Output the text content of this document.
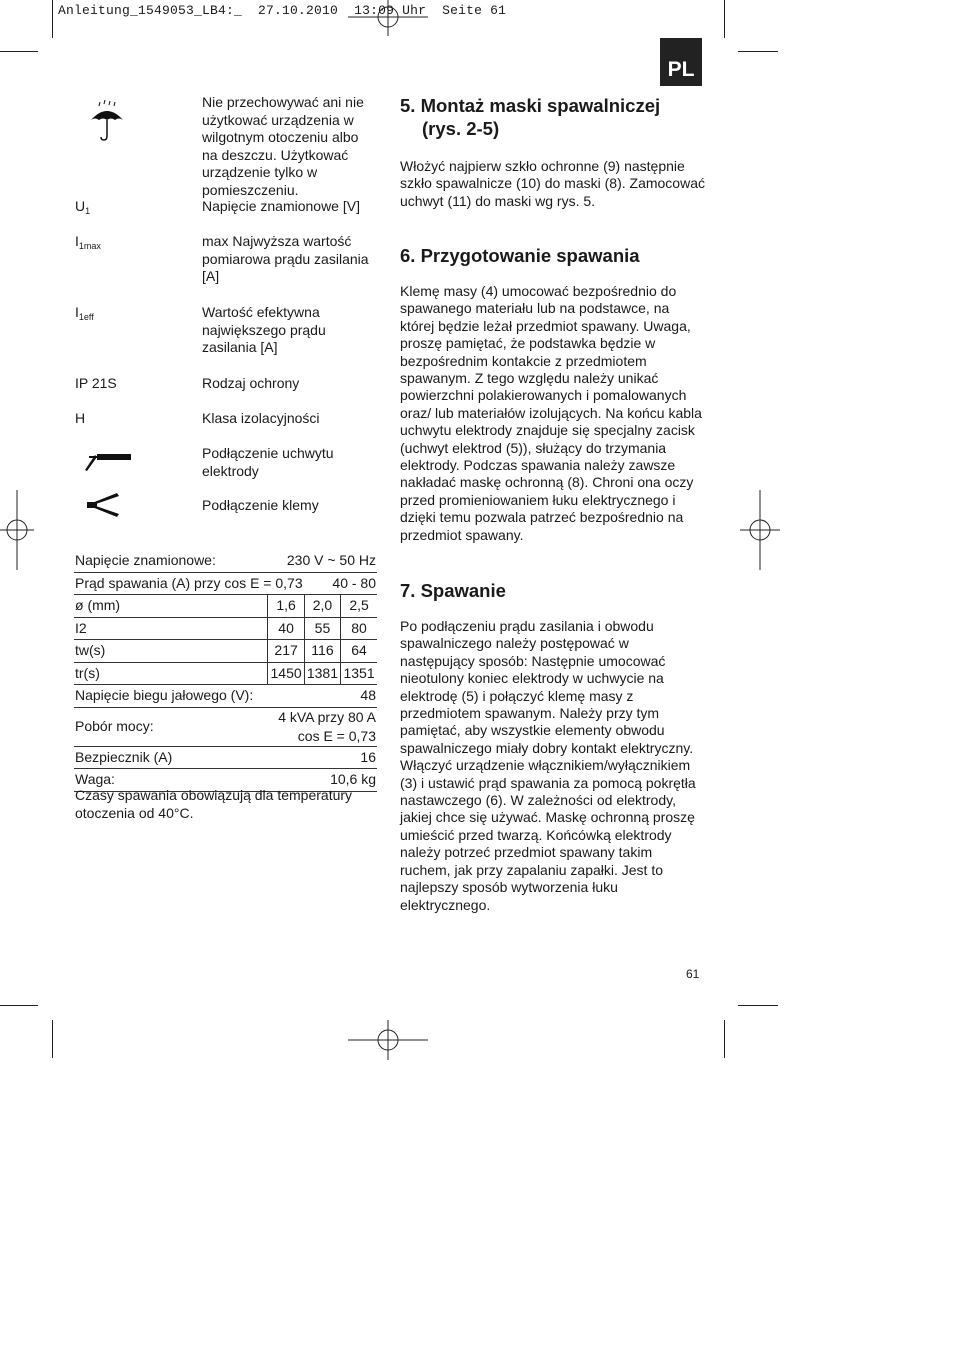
Anleitung_1549053_LB4:_ 27.10.2010 13:09 Uhr Seite 61
PL
Nie przechowywać ani nie użytkować urządzenia w wilgotnym otoczeniu albo na deszczu. Użytkować urządzenie tylko w pomieszczeniu.
$U_1$	Napięcie znamionowe [V]
$I_{1max}$	max Najwyższa wartość pomiarowa prądu zasilania [A]
$I_{1eff}$	Wartość efektywna największego prądu zasilania [A]
IP 21S	Rodzaj ochrony
H	Klasa izolacyjności
Podłączenie uchwytu elektrody
Podłączenie klemy
Napięcie znamionowe:	230 V ~ 50 Hz		
Prąd spawania (A) przy cos E = 0,73		40 - 80	
ø (mm)	1,6	2,0	2,5
I2	40	55	80
tw(s)	217	116	64
tr(s)	1450	1381	1351
Napięcie biegu jałowego (V):			48
Pobór mocy:	4 kVA przy 80 A cos E = 0,73		
Bezpiecznik (A)	16		
Waga:	10,6 kg		
Czasy spawania obowiązują dla temperatury otoczenia od 40°C.
5. Montaż maski spawalniczej
(rys. 2-5)
Włożyć najpierw szkło ochronne (9) następnie szkło spawalnicze (10) do maski (8). Zamocować uchwyt (11) do maski wg rys. 5.
6. Przygotowanie spawania
Klemę masy (4) umocować bezpośrednio do spawanego materiału lub na podstawce, na której będzie leżał przedmiot spawany. Uwaga, proszę pamiętać, że podstawka będzie w bezpośrednim kontakcie z przedmiotem spawanym. Z tego względu należy unikać powierzchni polakierowanych i pomalowanych oraz/ lub materiałów izolujących. Na końcu kabla uchwytu elektrody znajduje się specjalny zacisk (uchwyt elektrod (5)), służący do trzymania elektrody. Podczas spawania należy zawsze nakładać maskę ochronną (8). Chroni ona oczy przed promieniowaniem łuku elektrycznego i dzięki temu pozwala patrzeć bezpośrednio na przedmiot spawany.
7. Spawanie
Po podłączeniu prądu zasilania i obwodu spawalniczego należy postępować w następujący sposób: Następnie umocować nieotulony koniec elektrody w uchwycie na elektrodę (5) i połączyć klemę masy z przedmiotem spawanym. Należy przy tym pamiętać, aby wszystkie elementy obwodu spawalniczego miały dobry kontakt elektryczny. Włączyć urządzenie włącznikiem/wyłącznikiem (3) i ustawić prąd spawania za pomocą pokrętła nastawczego (6). W zależności od elektrody, jakiej chce się używać. Maskę ochronną proszę umieścić przed twarzą. Końcówką elektrody należy potrzeć przedmiot spawany takim ruchem, jak przy zapalaniu zapałki. Jest to najlepszy sposób wytworzenia łuku elektrycznego.
61
